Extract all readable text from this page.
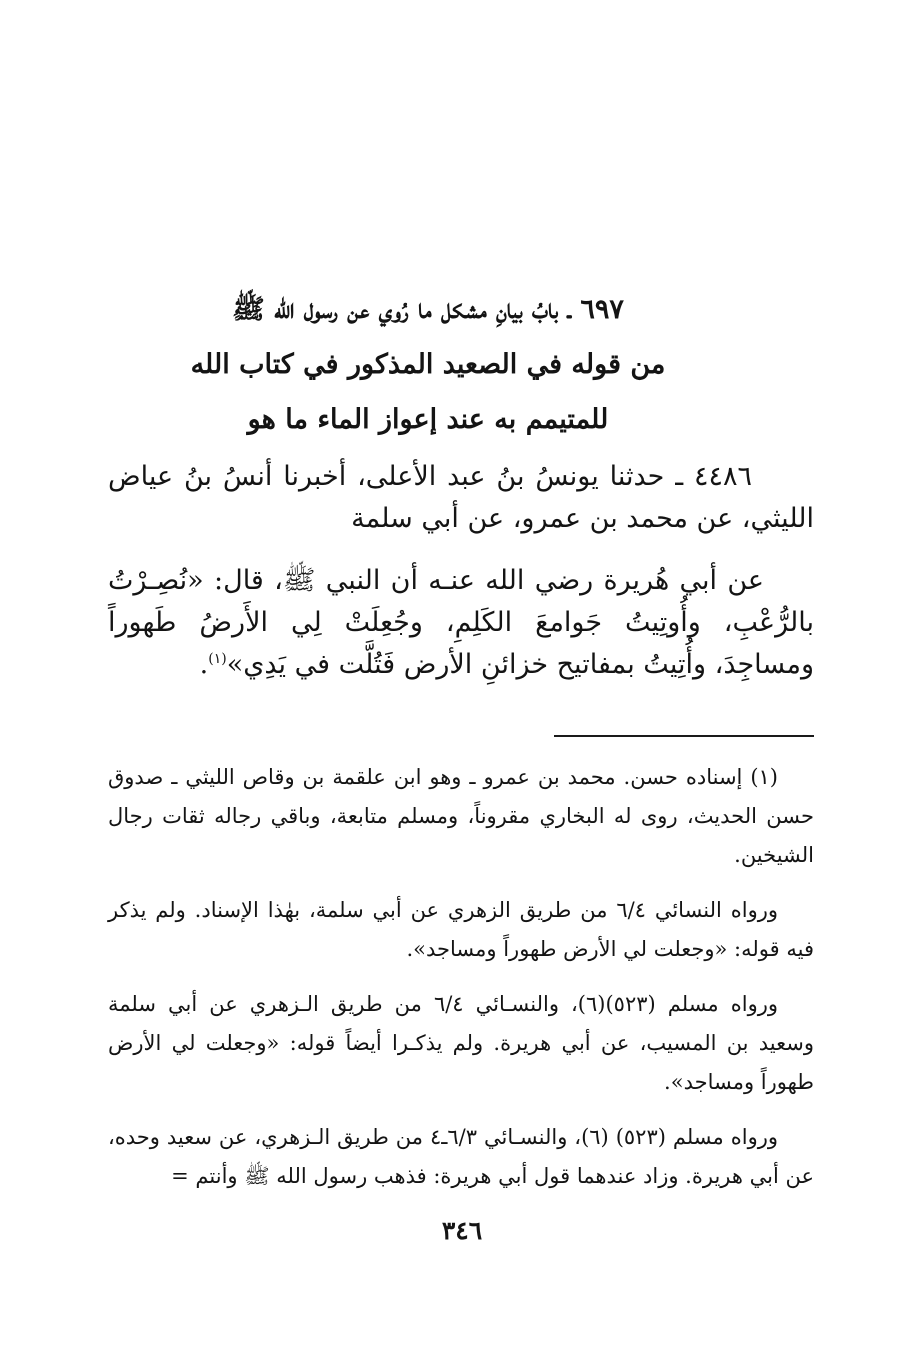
٦٩٧ ـ بابُ بيانِ مشكل ما رُوي عن رسول الله ﷺ
من قوله في الصعيد المذكور في كتاب الله
للمتيمم به عند إعواز الماء ما هو

٤٤٨٦ ـ حدثنا يونسُ بنُ عبد الأعلى، أخبرنا أنسُ بنُ عياض الليثي، عن محمد بن عمرو، عن أبي سلمة

عن أبي هُريرة رضي الله عنـه أن النبي ﷺ، قال: «نُصِـرْتُ بالرُّعْبِ، وأُوتِيتُ جَوامعَ الكَلِمِ، وجُعِلَتْ لِي الأَرضُ طَهوراً ومساجِدَ، وأُتِيتُ بمفاتيح خزائنِ الأرض فَتُلَّت في يَدِي»$^{(١)}$.

(١) إسناده حسن. محمد بن عمرو ـ وهو ابن علقمة بن وقاص الليثي ـ صدوق حسن الحديث، روى له البخاري مقروناً، ومسلم متابعة، وباقي رجاله ثقات رجال الشيخين.

ورواه النسائي ٦/٤ من طريق الزهري عن أبي سلمة، بهٰذا الإسناد. ولم يذكر فيه قوله: «وجعلت لي الأرض طهوراً ومساجد».

ورواه مسلم (٥٢٣)(٦)، والنسـائي ٦/٤ من طريق الـزهري عن أبي سلمة وسعيد بن المسيب، عن أبي هريرة. ولم يذكـرا أيضاً قوله: «وجعلت لي الأرض طهوراً ومساجد».

ورواه مسلم (٥٢٣) (٦)، والنسـائي ٦/٣ـ٤ من طريق الـزهري، عن سعيد وحده، عن أبي هريرة. وزاد عندهما قول أبي هريرة: فذهب رسول الله ﷺ وأنتم =

٣٤٦
